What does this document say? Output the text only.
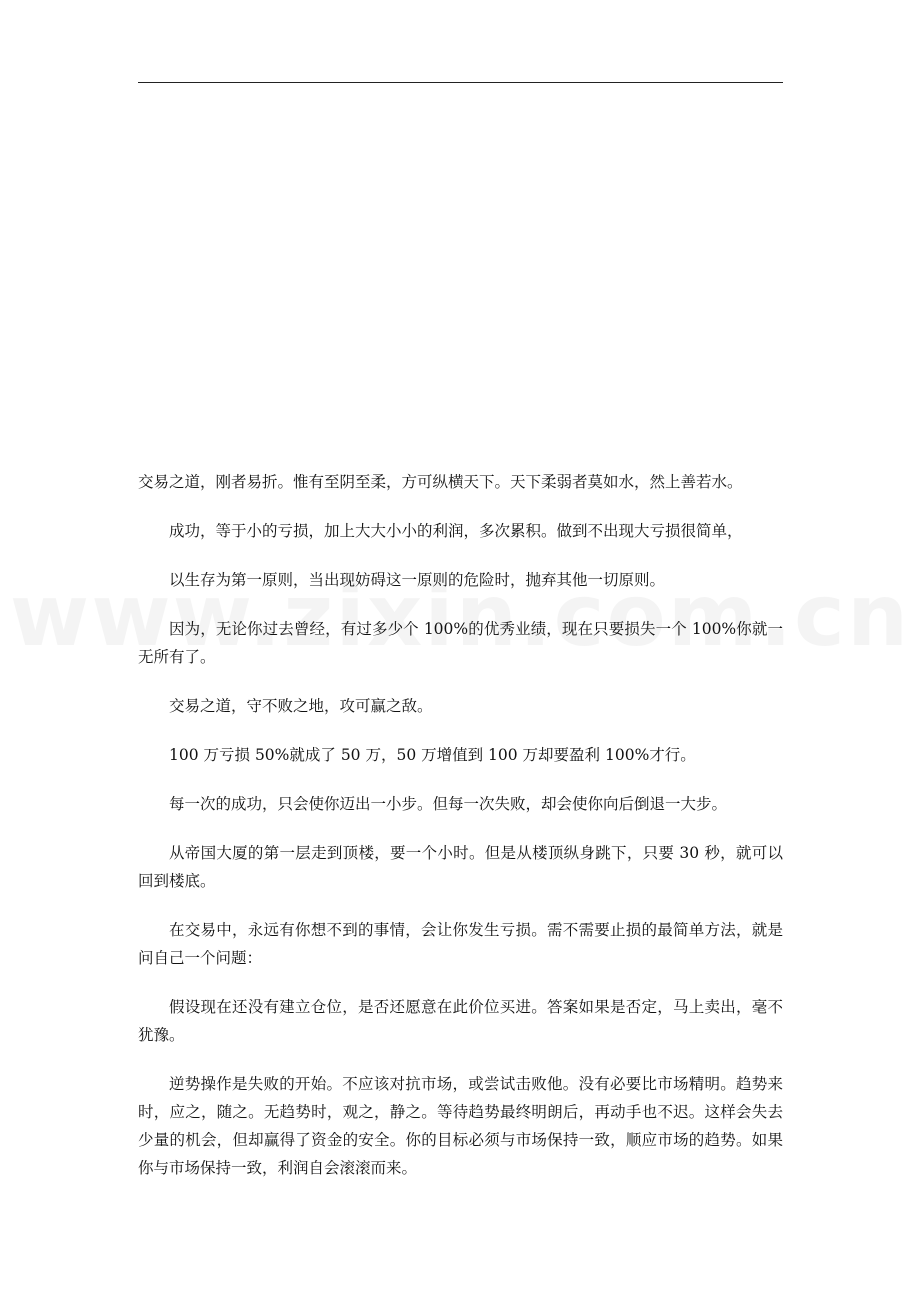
交易之道，刚者易折。惟有至阴至柔，方可纵横天下。天下柔弱者莫如水，然上善若水。

成功，等于小的亏损，加上大大小小的利润，多次累积。做到不出现大亏损很简单，

以生存为第一原则，当出现妨碍这一原则的危险时，抛弃其他一切原则。

因为，无论你过去曾经，有过多少个 100%的优秀业绩，现在只要损失一个 100%你就一无所有了。

交易之道，守不败之地，攻可赢之敌。

100 万亏损 50%就成了 50 万，50 万增值到 100 万却要盈利 100%才行。

每一次的成功，只会使你迈出一小步。但每一次失败，却会使你向后倒退一大步。

从帝国大厦的第一层走到顶楼，要一个小时。但是从楼顶纵身跳下，只要 30 秒，就可以回到楼底。

在交易中，永远有你想不到的事情，会让你发生亏损。需不需要止损的最简单方法，就是问自己一个问题：

假设现在还没有建立仓位，是否还愿意在此价位买进。答案如果是否定，马上卖出，毫不犹豫。

逆势操作是失败的开始。不应该对抗市场，或尝试击败他。没有必要比市场精明。趋势来时，应之，随之。无趋势时，观之，静之。等待趋势最终明朗后，再动手也不迟。这样会失去少量的机会，但却赢得了资金的安全。你的目标必须与市场保持一致，顺应市场的趋势。如果你与市场保持一致，利润自会滚滚而来。
